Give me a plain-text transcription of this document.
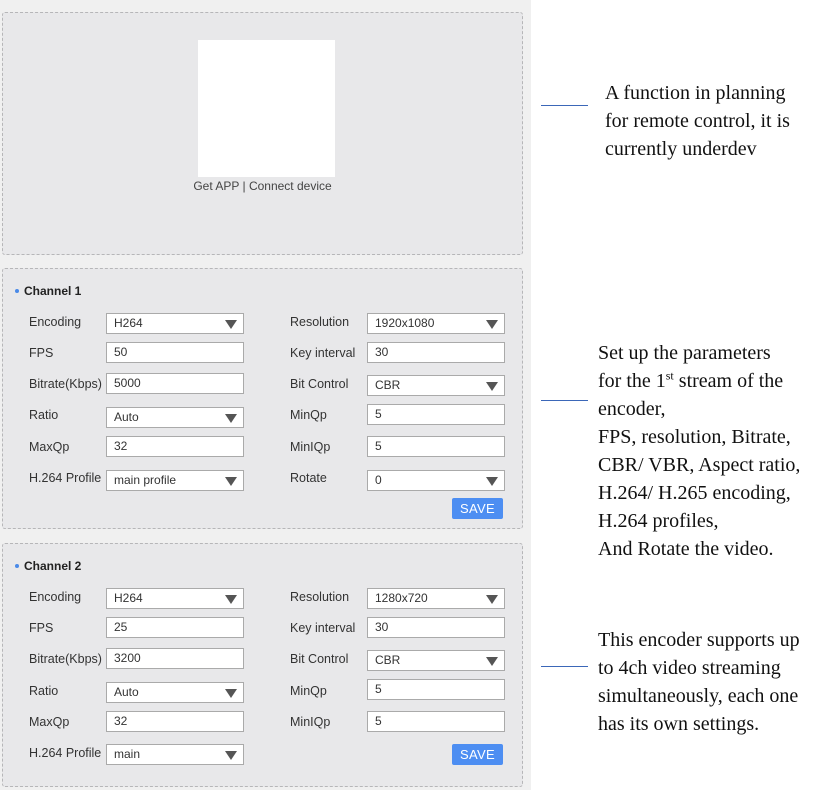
Get APP | Connect device
Channel 1
Encoding	H264
FPS	50
Bitrate(Kbps)	5000
Ratio	Auto
MaxQp	32
H.264 Profile	main profile
Resolution	1920x1080
Key interval	30
Bit Control	CBR
MinQp	5
MinIQp	5
Rotate	0
SAVE
Channel 2
Encoding	H264
FPS	25
Bitrate(Kbps)	3200
Ratio	Auto
MaxQp	32
H.264 Profile	main
Resolution	1280x720
Key interval	30
Bit Control	CBR
MinQp	5
MinIQp	5
SAVE
A function in planning
for remote control, it is
currently underdev
Set up the parameters
for the 1st stream of the
encoder,
FPS, resolution, Bitrate,
CBR/ VBR, Aspect ratio,
H.264/ H.265 encoding,
H.264 profiles,
And Rotate the video.
This encoder supports up
to 4ch video streaming
simultaneously, each one
has its own settings.
